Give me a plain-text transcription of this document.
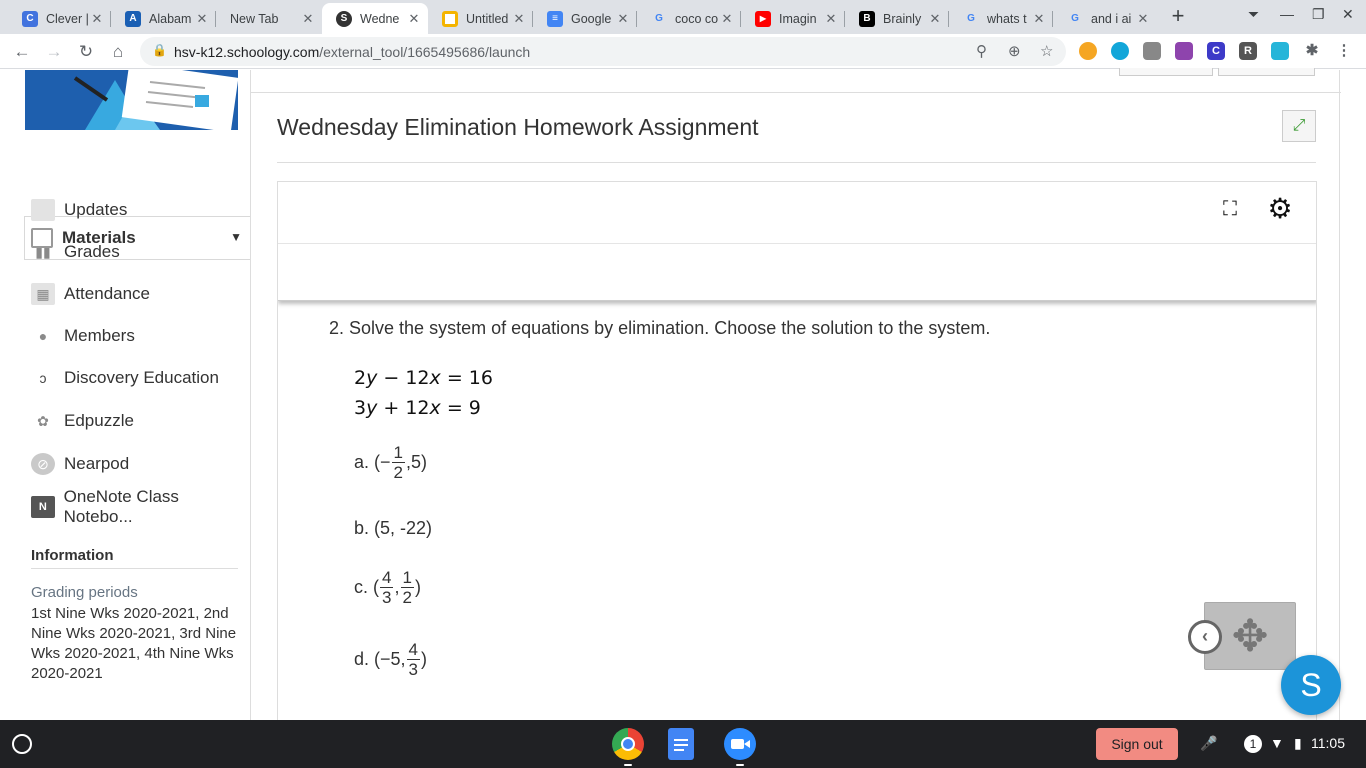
C Clever | ✕	A Alabam ✕ New Tab	✕	S	Wedne ✕	Untitled ✕	≡	Google ✕	G coco co ✕	▶	Imagin ✕	B Brainly ✕	G whats t ✕	G and i ai ✕ +	⏷ — ❐ ✕
← → ↻	⌂	🔒 hsv-k12.schoology.com/external_tool/1665495686/launch	⚲ ⊕ ☆	C	R	✱ ⋮
Materials	▼
Updates
▮▮ Grades
▦ Attendance
● Members
ↄ	Discovery Education
✿ Edpuzzle
⊘ Nearpod
N
OneNote Class Notebo...
Information
Grading periods
1st Nine Wks 2020-2021, 2nd Nine Wks 2020-2021, 3rd Nine Wks 2020-2021, 4th Nine Wks 2020-2021
Wednesday Elimination Homework Assignment	⤢
⛶ ⚙
2. Solve the system of equations by elimination. Choose the solution to the system.
2y − 12x = 16
3y + 12x = 9
a. (− $\frac{1}{2} ,5$)
b.
(5, -22)
c. ( $\frac{4}{3}$ , $\frac{1}{2}$ )
d. (−5, $\frac{4}{3}$ )	✥
‹
S
Sign out	🎤	1 ▼ ▮ 11:05
